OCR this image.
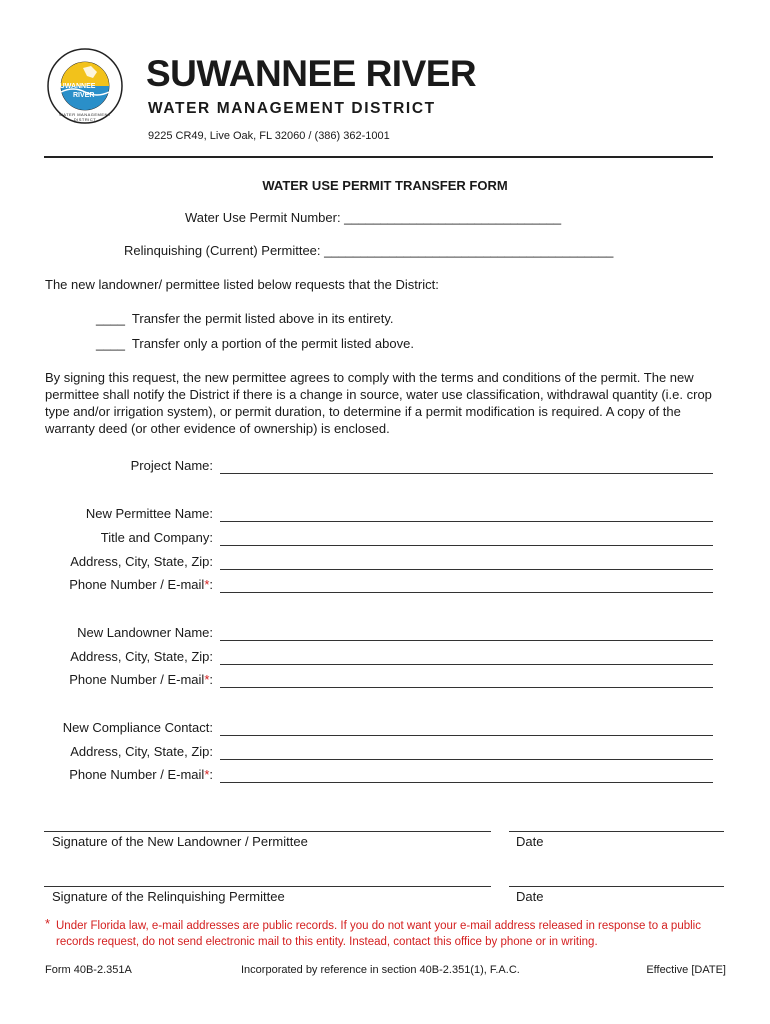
SUWANNEE
RIVER
WATER MANAGEMENT DISTRICT
SUWANNEE RIVER
WATER MANAGEMENT DISTRICT
9225 CR49, Live Oak, FL 32060 / (386) 362-1001
WATER USE PERMIT TRANSFER FORM
Water Use Permit Number: ______________________________
Relinquishing (Current) Permittee: ________________________________________
The new landowner/ permittee listed below requests that the District:
____  Transfer the permit listed above in its entirety.
____  Transfer only a portion of the permit listed above.
By signing this request, the new permittee agrees to comply with the terms and conditions of the permit. The new permittee shall notify the District if there is a change in source, water use classification, withdrawal quantity (i.e. crop type and/or irrigation system), or permit duration, to determine if a permit modification is required. A copy of the warranty deed (or other evidence of ownership) is enclosed.
Project Name:
New Permittee Name:
Title and Company:
Address, City, State, Zip:
Phone Number / E-mail*:
New Landowner Name:
Address, City, State, Zip:
Phone Number / E-mail*:
New Compliance Contact:
Address, City, State, Zip:
Phone Number / E-mail*:
Signature of the New Landowner / Permittee	Date
Signature of the Relinquishing Permittee	Date
* Under Florida law, e-mail addresses are public records. If you do not want your e-mail address released in response to a public records request, do not send electronic mail to this entity. Instead, contact this office by phone or in writing.
Form 40B-2.351A	Incorporated by reference in section 40B-2.351(1), F.A.C.	Effective [DATE]
